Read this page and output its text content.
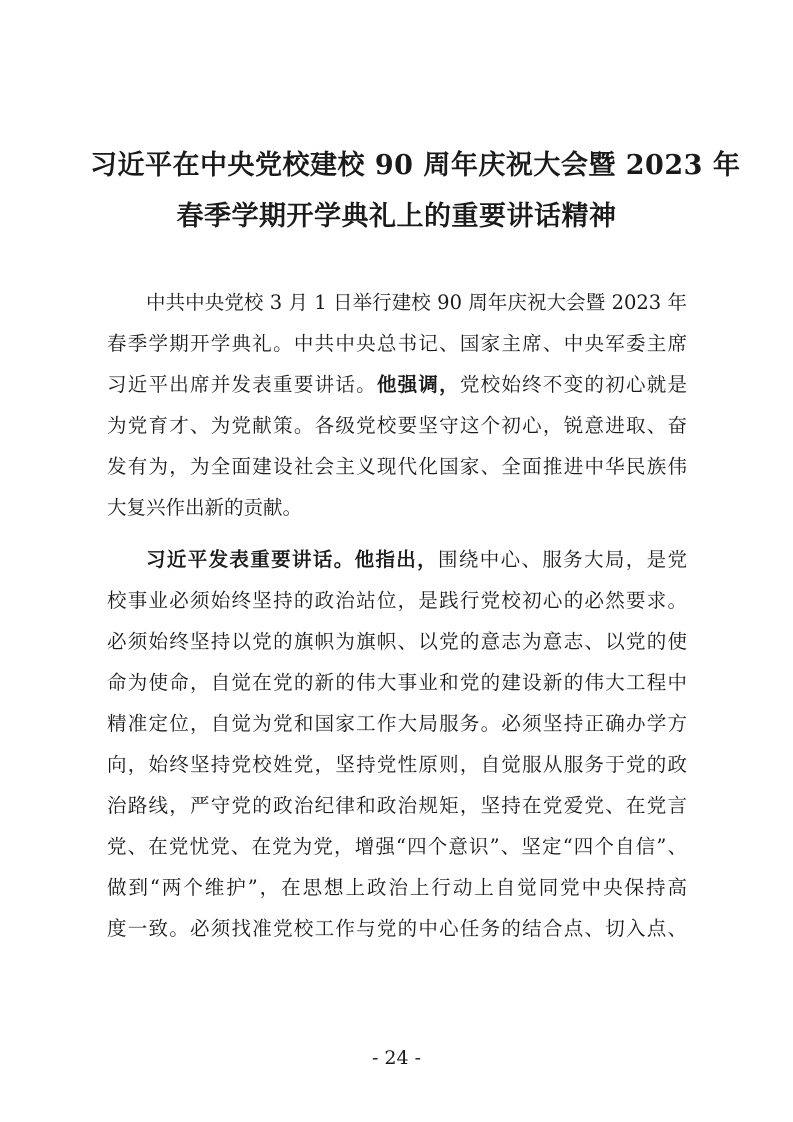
习近平在中央党校建校 90 周年庆祝大会暨 2023 年
春季学期开学典礼上的重要讲话精神
中共中央党校 3 月 1 日举行建校 90 周年庆祝大会暨 2023 年
春季学期开学典礼。中共中央总书记、国家主席、中央军委主席
习近平出席并发表重要讲话。他强调，党校始终不变的初心就是
为党育才、为党献策。各级党校要坚守这个初心，锐意进取、奋
发有为，为全面建设社会主义现代化国家、全面推进中华民族伟
大复兴作出新的贡献。
习近平发表重要讲话。他指出，围绕中心、服务大局，是党
校事业必须始终坚持的政治站位，是践行党校初心的必然要求。
必须始终坚持以党的旗帜为旗帜、以党的意志为意志、以党的使
命为使命，自觉在党的新的伟大事业和党的建设新的伟大工程中
精准定位，自觉为党和国家工作大局服务。必须坚持正确办学方
向，始终坚持党校姓党，坚持党性原则，自觉服从服务于党的政
治路线，严守党的政治纪律和政治规矩，坚持在党爱党、在党言
党、在党忧党、在党为党，增强“四个意识”、坚定“四个自信”、
做到“两个维护”，在思想上政治上行动上自觉同党中央保持高
度一致。必须找准党校工作与党的中心任务的结合点、切入点、
- 24 -
